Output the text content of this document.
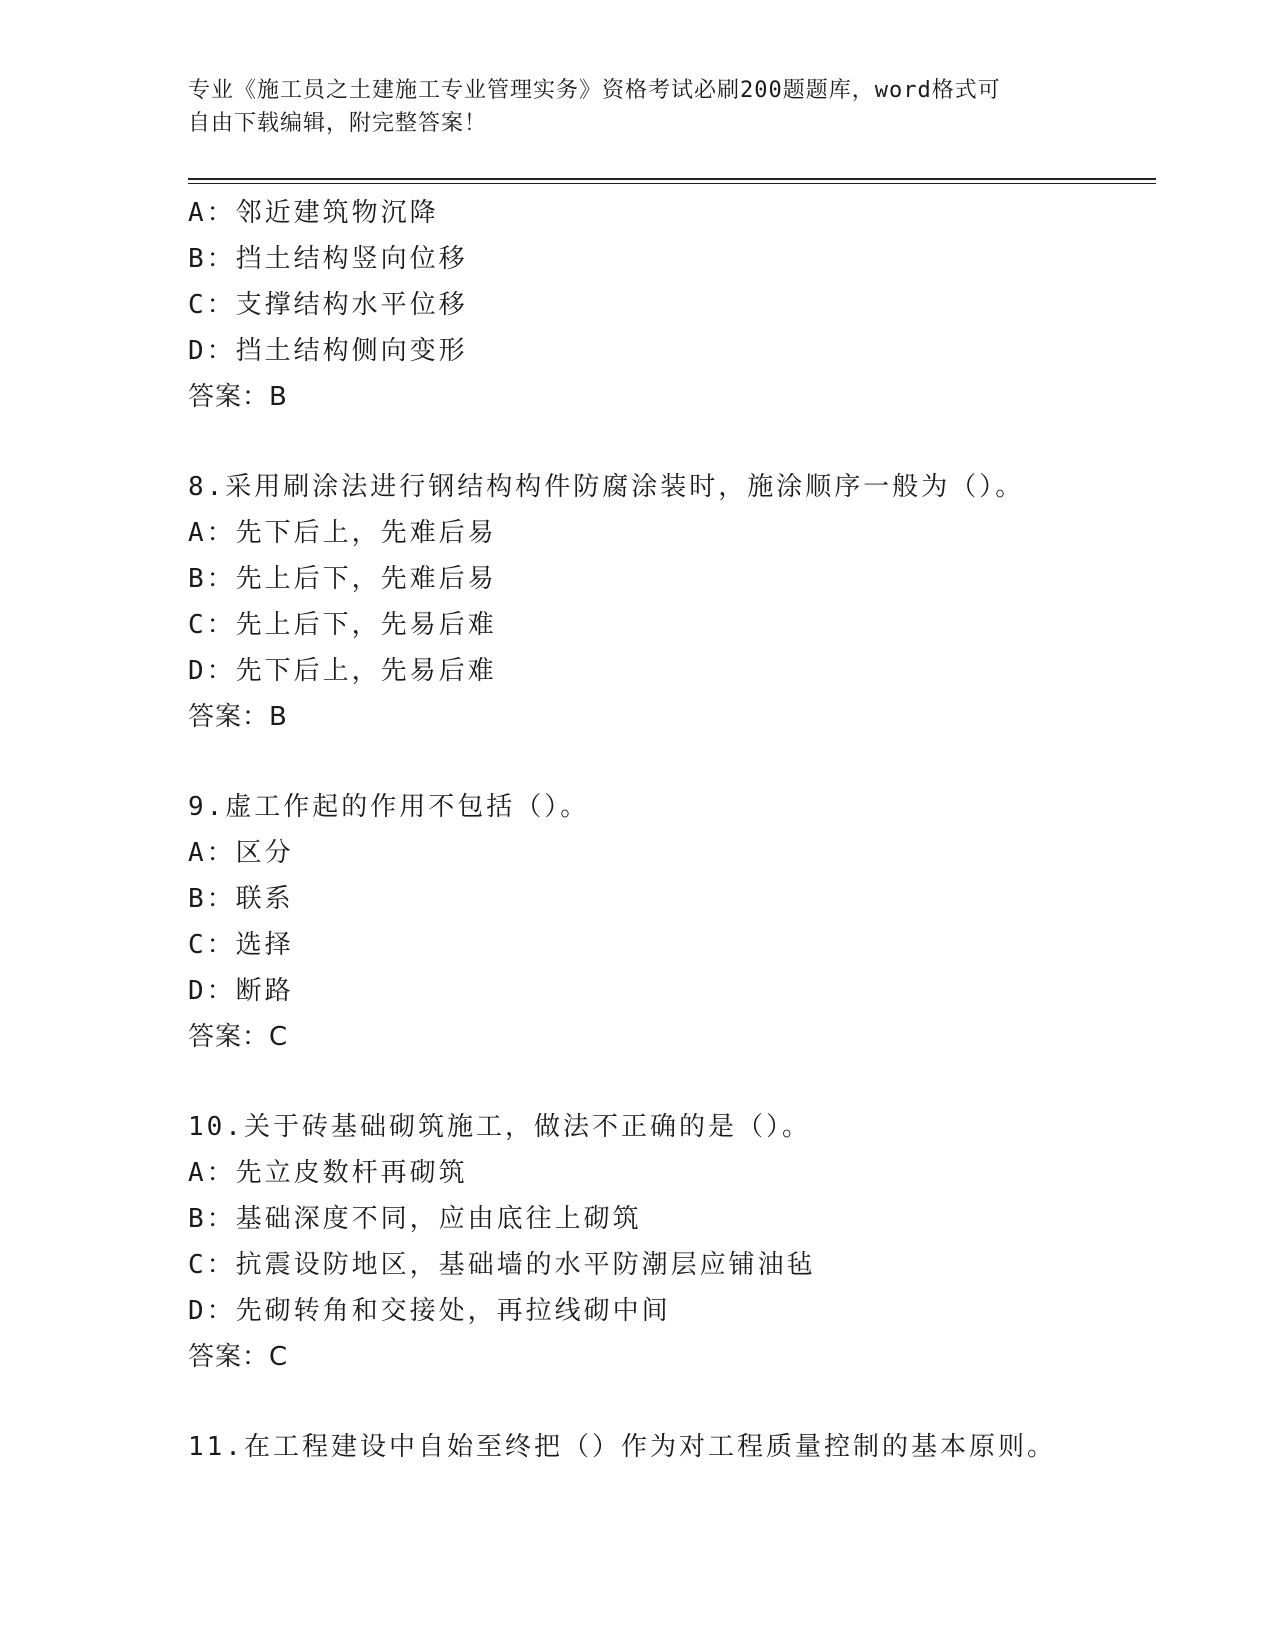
专业《施工员之土建施工专业管理实务》资格考试必刷200题题库，word格式可
自由下载编辑，附完整答案！
A：邻近建筑物沉降
B：挡土结构竖向位移
C：支撑结构水平位移
D：挡土结构侧向变形
答案：B
8.采用刷涂法进行钢结构构件防腐涂装时，施涂顺序一般为（）。
A：先下后上，先难后易
B：先上后下，先难后易
C：先上后下，先易后难
D：先下后上，先易后难
答案：B
9.虚工作起的作用不包括（）。
A：区分
B：联系
C：选择
D：断路
答案：C
10.关于砖基础砌筑施工，做法不正确的是（）。
A：先立皮数杆再砌筑
B：基础深度不同，应由底往上砌筑
C：抗震设防地区，基础墙的水平防潮层应铺油毡
D：先砌转角和交接处，再拉线砌中间
答案：C
11.在工程建设中自始至终把（）作为对工程质量控制的基本原则。
